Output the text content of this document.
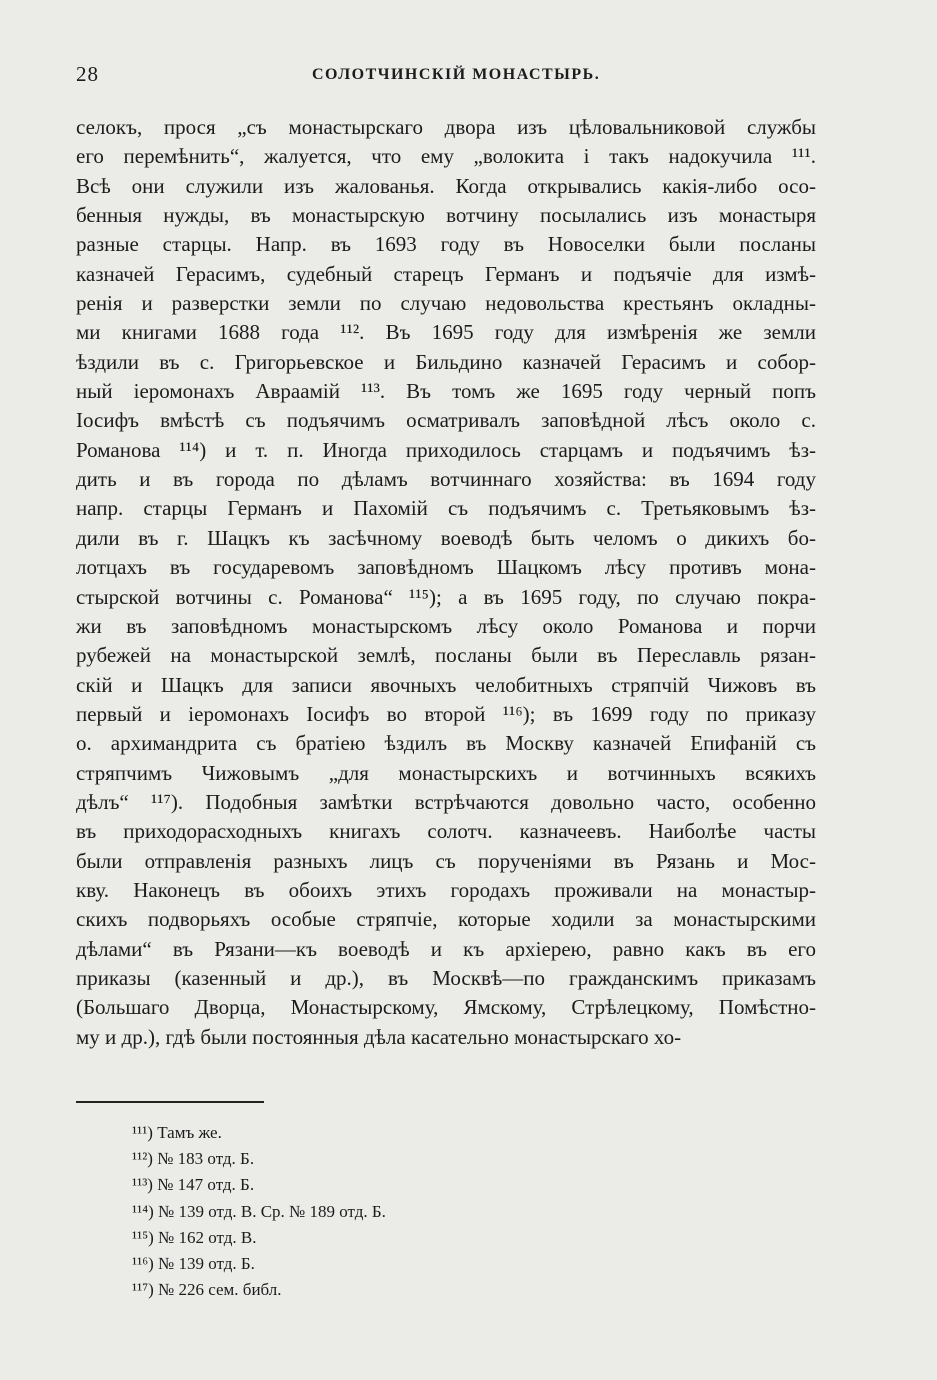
28	СОЛОТЧИНСКІЙ МОНАСТЫРЬ.
селокъ, прося „съ монастырскаго двора изъ цѣловальниковой службы
его перемѣнить“, жалуется, что ему „волокита і такъ надокучила ¹¹¹.
Всѣ они служили изъ жалованья. Когда открывались какія-либо осо-
бенныя нужды, въ монастырскую вотчину посылались изъ монастыря
разные старцы. Напр. въ 1693 году въ Новоселки были посланы
казначей Герасимъ, судебный старецъ Германъ и подъячіе для измѣ-
ренія и разверстки земли по случаю недовольства крестьянъ окладны-
ми книгами 1688 года ¹¹². Въ 1695 году для измѣренія же земли
ѣздили въ с. Григорьевское и Бильдино казначей Герасимъ и собор-
ный іеромонахъ Авраамій ¹¹³. Въ томъ же 1695 году черный попъ
Іосифъ вмѣстѣ съ подъячимъ осматривалъ заповѣдной лѣсъ около с.
Романова ¹¹⁴) и т. п. Иногда приходилось старцамъ и подъячимъ ѣз-
дить и въ города по дѣламъ вотчиннаго хозяйства: въ 1694 году
напр. старцы Германъ и Пахомій съ подъячимъ с. Третьяковымъ ѣз-
дили въ г. Шацкъ къ засѣчному воеводѣ быть челомъ о дикихъ бо-
лотцахъ въ государевомъ заповѣдномъ Шацкомъ лѣсу противъ мона-
стырской вотчины с. Романова“ ¹¹⁵); а въ 1695 году, по случаю покра-
жи въ заповѣдномъ монастырскомъ лѣсу около Романова и порчи
рубежей на монастырской землѣ, посланы были въ Переславль рязан-
скій и Шацкъ для записи явочныхъ челобитныхъ стряпчій Чижовъ въ
первый и іеромонахъ Іосифъ во второй ¹¹⁶); въ 1699 году по приказу
о. архимандрита съ братіею ѣздилъ въ Москву казначей Епифаній съ
стряпчимъ Чижовымъ „для монастырскихъ и вотчинныхъ всякихъ
дѣлъ“ ¹¹⁷). Подобныя замѣтки встрѣчаются довольно часто, особенно
въ приходорасходныхъ книгахъ солотч. казначеевъ. Наиболѣе часты
были отправленія разныхъ лицъ съ порученіями въ Рязань и Мос-
кву. Наконецъ въ обоихъ этихъ городахъ проживали на монастыр-
скихъ подворьяхъ особые стряпчіе, которые ходили за монастырскими
дѣлами“ въ Рязани—къ воеводѣ и къ архіерею, равно какъ въ его
приказы (казенный и др.), въ Москвѣ—по гражданскимъ приказамъ
(Большаго Дворца, Монастырскому, Ямскому, Стрѣлецкому, Помѣстно-
му и др.), гдѣ были постоянныя дѣла касательно монастырскаго хо-
¹¹¹) Тамъ же.
¹¹²) № 183 отд. Б.
¹¹³) № 147 отд. Б.
¹¹⁴) № 139 отд. В. Ср. № 189 отд. Б.
¹¹⁵) № 162 отд. В.
¹¹⁶) № 139 отд. Б.
¹¹⁷) № 226 сем. библ.
